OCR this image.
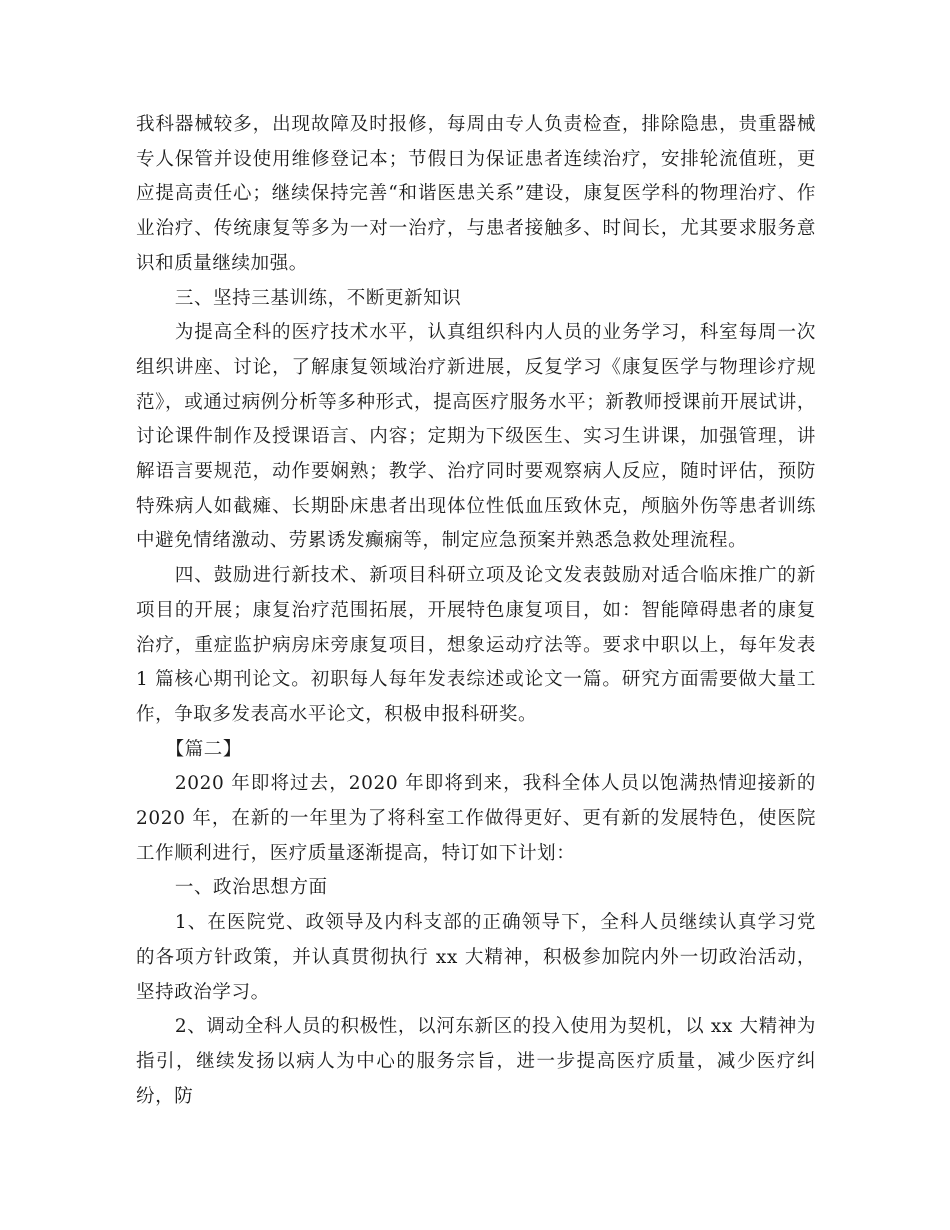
我科器械较多，出现故障及时报修，每周由专人负责检查，排除隐患，贵重器械专人保管并设使用维修登记本；节假日为保证患者连续治疗，安排轮流值班，更应提高责任心；继续保持完善“和谐医患关系”建设，康复医学科的物理治疗、作业治疗、传统康复等多为一对一治疗，与患者接触多、时间长，尤其要求服务意识和质量继续加强。

三、坚持三基训练，不断更新知识

为提高全科的医疗技术水平，认真组织科内人员的业务学习，科室每周一次组织讲座、讨论，了解康复领域治疗新进展，反复学习《康复医学与物理诊疗规范》，或通过病例分析等多种形式，提高医疗服务水平；新教师授课前开展试讲，讨论课件制作及授课语言、内容；定期为下级医生、实习生讲课，加强管理，讲解语言要规范，动作要娴熟；教学、治疗同时要观察病人反应，随时评估，预防特殊病人如截瘫、长期卧床患者出现体位性低血压致休克，颅脑外伤等患者训练中避免情绪激动、劳累诱发癫痫等，制定应急预案并熟悉急救处理流程。

四、鼓励进行新技术、新项目科研立项及论文发表鼓励对适合临床推广的新项目的开展；康复治疗范围拓展，开展特色康复项目，如：智能障碍患者的康复治疗，重症监护病房床旁康复项目，想象运动疗法等。要求中职以上，每年发表 1 篇核心期刊论文。初职每人每年发表综述或论文一篇。研究方面需要做大量工作，争取多发表高水平论文，积极申报科研奖。

【篇二】

2020 年即将过去，2020 年即将到来，我科全体人员以饱满热情迎接新的 2020 年，在新的一年里为了将科室工作做得更好、更有新的发展特色，使医院工作顺利进行，医疗质量逐渐提高，特订如下计划：

一、政治思想方面

1、在医院党、政领导及内科支部的正确领导下，全科人员继续认真学习党的各项方针政策，并认真贯彻执行 xx 大精神，积极参加院内外一切政治活动，坚持政治学习。

2、调动全科人员的积极性，以河东新区的投入使用为契机，以 xx 大精神为指引，继续发扬以病人为中心的服务宗旨，进一步提高医疗质量，减少医疗纠纷，防
